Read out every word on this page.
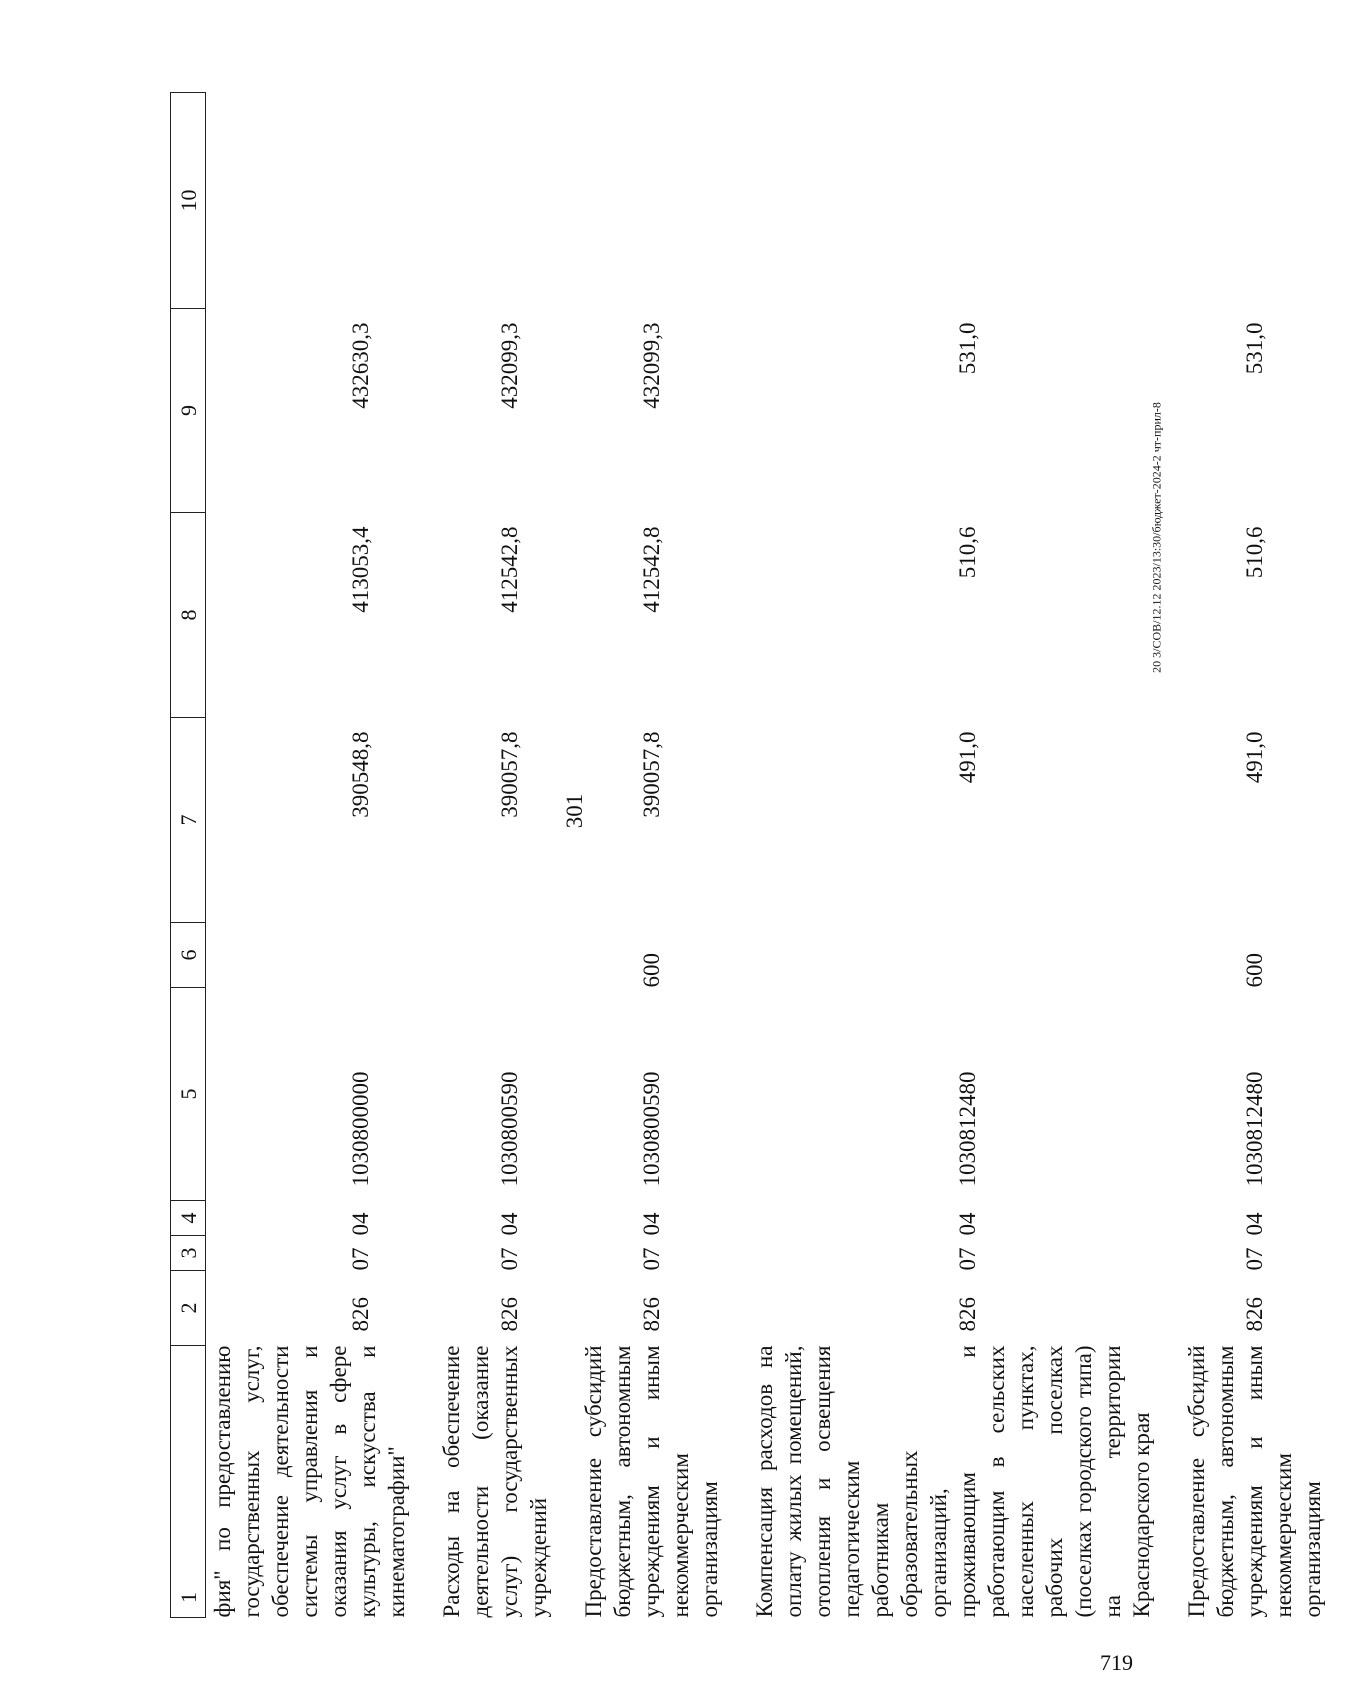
301
1	2	3	4	5	6	7	8	9	10
фия" по предоставлению государственных услуг, обеспечение деятельности системы управления и оказания услуг в сфере культуры, искусства и кинематографии"	826	07	04	1030800000		390548,8	413053,4	432630,3	
Расходы на обеспечение деятельности (оказание услуг) государственных учреждений	826	07	04	1030800590		390057,8	412542,8	432099,3	
Предоставление субсидий бюджетным, автономным учреждениям и иным некоммерческим организациям	826	07	04	1030800590	600	390057,8	412542,8	432099,3	
Компенсация расходов на оплату жилых помещений, отопления и освещения педагогическим работникам образовательных организаций, проживающим и работающим в сельских населенных пунктах, рабочих поселках (поселках городского типа) на территории Краснодарского края	826	07	04	1030812480		491,0	510,6	531,0	
Предоставление субсидий бюджетным, автономным учреждениям и иным некоммерческим организациям	826	07	04	1030812480	600	491,0	510,6	531,0	
20 3/СОВ/12.12 2023/13:30/бюджет-2024-2 чт-прил-8
719
